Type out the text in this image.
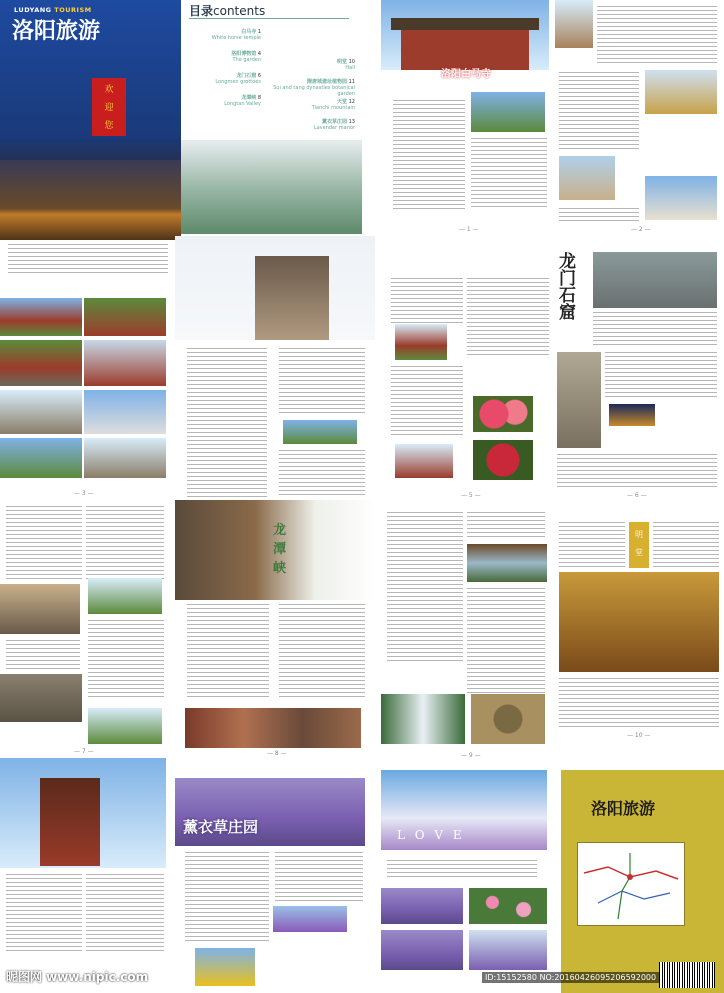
LUDYANG TOURISM
洛阳旅游
欢
迎
您
目录contents
白马寺 1
White horse temple
洛阳博物馆 4
The garden
龙门石窟 6
Longmen grottoes
龙潭峡 8
Longtan Valley
明堂 10
Hall
隋唐城遗址植物园 11
Sui and tang dynasties botanical garden
天堂 12
Tianchi mountain
薰衣草庄园 13
Lavender manor
洛阳白马寺
— 1 —	— 2 —
— 3 —	— 5 —
龙
门
石
窟
— 6 —
— 7 —
龙
潭
峡
— 8 —	— 9 —
明
堂
— 10 —
薰衣草庄园	L O V E
洛阳旅游
昵图网 www.nipic.com	ID:15152580 NO:20160426095206592000
